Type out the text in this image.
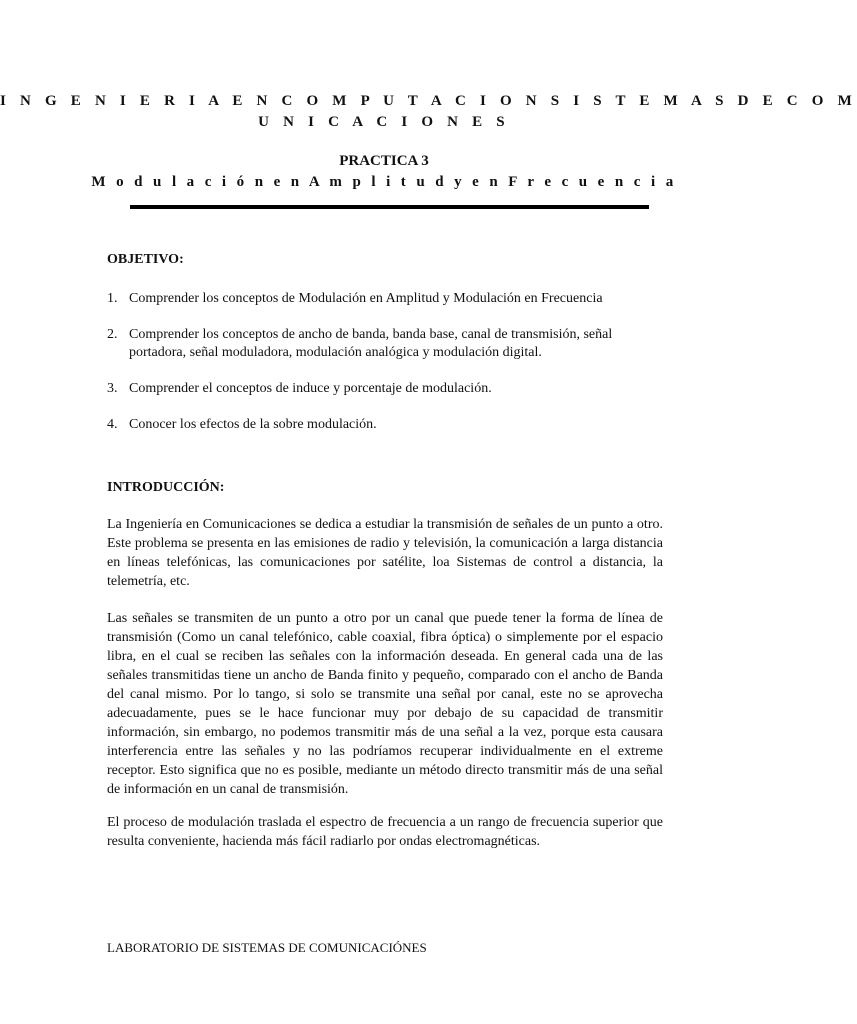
I N G E N I E R I A E N C O M P U T A C I O N S I S T E M A S D E C O M
U N I C A C I O N E S
PRACTICA 3
M o d u l a c i ó n e n A m p l i t u d y e n F r e c u e n c i a
OBJETIVO:
1. Comprender los conceptos de Modulación en Amplitud y Modulación en Frecuencia
2. Comprender los conceptos de ancho de banda, banda base, canal de transmisión, señal portadora, señal moduladora, modulación analógica y modulación digital.
3. Comprender el conceptos de induce y porcentaje de modulación.
4. Conocer los efectos de la sobre modulación.
INTRODUCCIÓN:

La Ingeniería en Comunicaciones se dedica a estudiar la transmisión de señales de un punto a otro. Este problema se presenta en las emisiones de radio y televisión, la comunicación a larga distancia en líneas telefónicas, las comunicaciones por satélite, loa Sistemas de control a distancia, la telemetría, etc.

Las señales se transmiten de un punto a otro por un canal que puede tener la forma de línea de transmisión (Como un canal telefónico, cable coaxial, fibra óptica) o simplemente por el espacio libra, en el cual se reciben las señales con la información deseada. En general cada una de las señales transmitidas tiene un ancho de Banda finito y pequeño, comparado con el ancho de Banda del canal mismo. Por lo tango, si solo se transmite una señal por canal, este no se aprovecha adecuadamente, pues se le hace funcionar muy por debajo de su capacidad de transmitir información, sin embargo, no podemos transmitir más de una señal a la vez, porque esta causara interferencia entre las señales y no las podríamos recuperar individualmente en el extreme receptor. Esto significa que no es posible, mediante un método directo transmitir más de una señal de información en un canal de transmisión.

El proceso de modulación traslada el espectro de frecuencia a un rango de frecuencia superior que resulta conveniente, hacienda más fácil radiarlo por ondas electromagnéticas.

LABORATORIO DE SISTEMAS DE COMUNICACIÓNES
